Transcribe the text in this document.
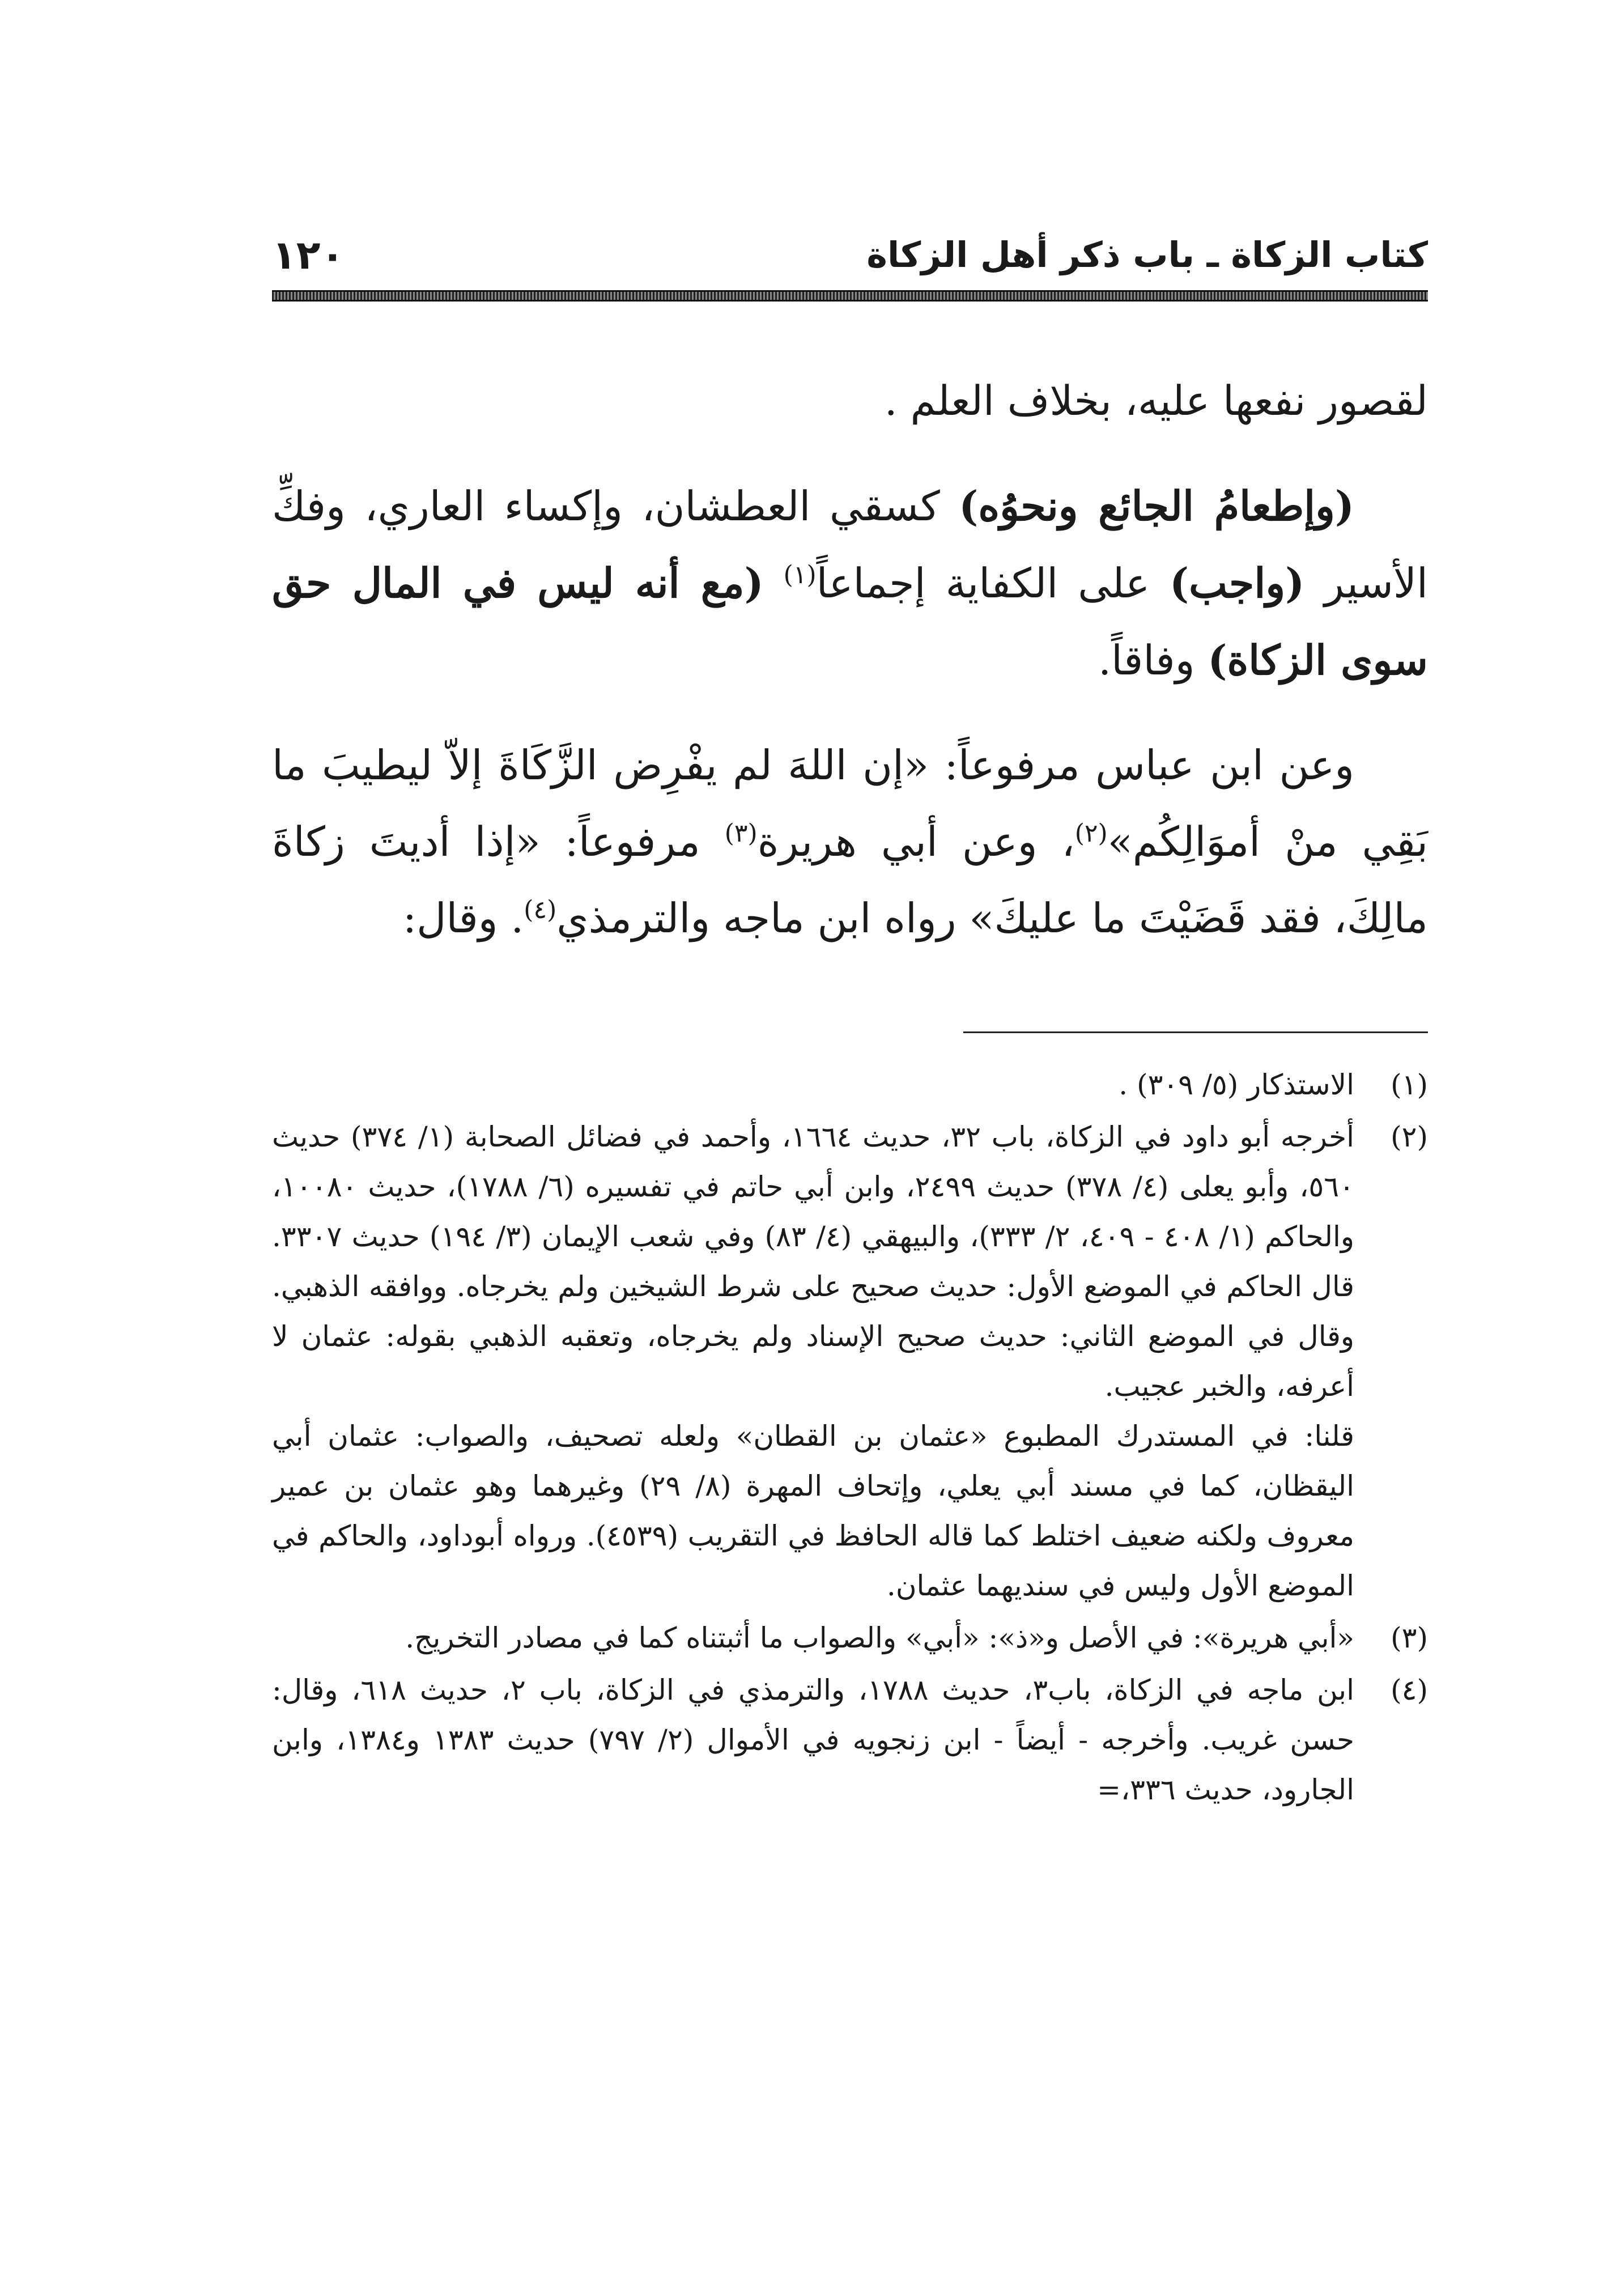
كتاب الزكاة ـ باب ذكر أهل الزكاة
١٢٠

لقصور نفعها عليه، بخلاف العلم .

(وإطعامُ الجائع ونحوُه) كسقي العطشان، وإكساء العاري، وفكِّ الأسير (واجب) على الكفاية إجماعاً$^{(١)}$ (مع أنه ليس في المال حق سوى الزكاة) وفاقاً.

وعن ابن عباس مرفوعاً: «إن اللهَ لم يفْرِض الزَّكَاةَ إلاّ ليطيبَ ما بَقِي منْ أموَالِكُم»$^{(٢)}$، وعن أبي هريرة$^{(٣)}$ مرفوعاً: «إذا أديتَ زكاةَ مالِكَ، فقد قَضَيْتَ ما عليكَ» رواه ابن ماجه والترمذي$^{(٤)}$. وقال:

(١)
الاستذكار (٥/ ٣٠٩) .
(٢)
أخرجه أبو داود في الزكاة، باب ٣٢، حديث ١٦٦٤، وأحمد في فضائل الصحابة (١/ ٣٧٤) حديث ٥٦٠، وأبو يعلى (٤/ ٣٧٨) حديث ٢٤٩٩، وابن أبي حاتم في تفسيره (٦/ ١٧٨٨)، حديث ١٠٠٨٠، والحاكم (١/ ٤٠٨ - ٤٠٩، ٢/ ٣٣٣)، والبيهقي (٤/ ٨٣) وفي شعب الإيمان (٣/ ١٩٤) حديث ٣٣٠٧. قال الحاكم في الموضع الأول: حديث صحيح على شرط الشيخين ولم يخرجاه. ووافقه الذهبي. وقال في الموضع الثاني: حديث صحيح الإسناد ولم يخرجاه، وتعقبه الذهبي بقوله: عثمان لا أعرفه، والخبر عجيب.
قلنا: في المستدرك المطبوع «عثمان بن القطان» ولعله تصحيف، والصواب: عثمان أبي اليقظان، كما في مسند أبي يعلي، وإتحاف المهرة (٨/ ٢٩) وغيرهما وهو عثمان بن عمير معروف ولكنه ضعيف اختلط كما قاله الحافظ في التقريب (٤٥٣٩). ورواه أبوداود، والحاكم في الموضع الأول وليس في سنديهما عثمان.
(٣)
«أبي هريرة»: في الأصل و«ذ»: «أبي» والصواب ما أثبتناه كما في مصادر التخريج.
(٤)
ابن ماجه في الزكاة، باب٣، حديث ١٧٨٨، والترمذي في الزكاة، باب ٢، حديث ٦١٨، وقال: حسن غريب. وأخرجه - أيضاً - ابن زنجويه في الأموال (٢/ ٧٩٧) حديث ١٣٨٣ و١٣٨٤، وابن الجارود، حديث ٣٣٦،=
